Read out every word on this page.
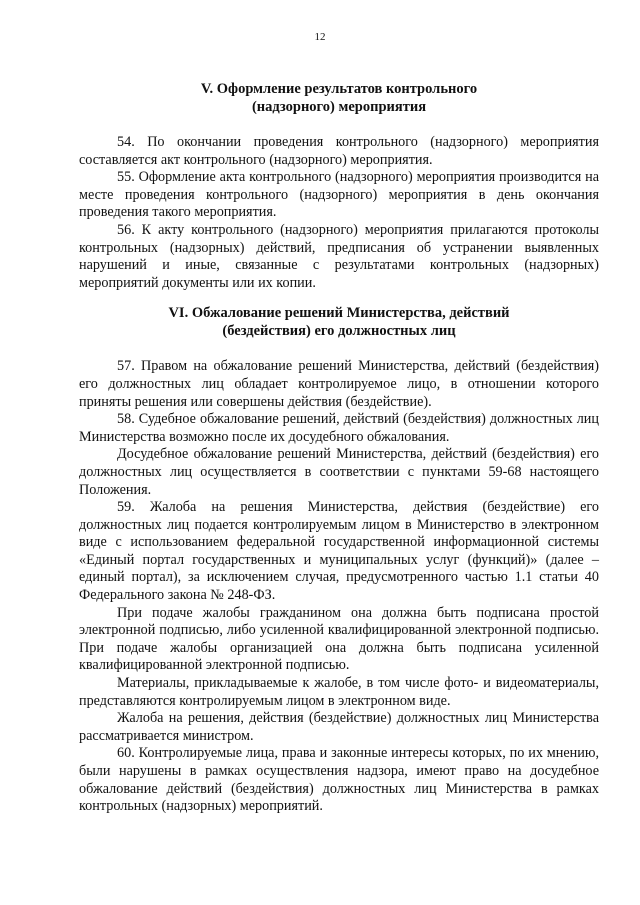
12
V. Оформление результатов контрольного
(надзорного) мероприятия

54. По окончании проведения контрольного (надзорного) мероприятия составляется акт контрольного (надзорного) мероприятия.

55. Оформление акта контрольного (надзорного) мероприятия производится на месте проведения контрольного (надзорного) мероприятия в день окончания проведения такого мероприятия.

56. К акту контрольного (надзорного) мероприятия прилагаются протоколы контрольных (надзорных) действий, предписания об устранении выявленных нарушений и иные, связанные с результатами контрольных (надзорных) мероприятий документы или их копии.

VI. Обжалование решений Министерства, действий
(бездействия) его должностных лиц

57. Правом на обжалование решений Министерства, действий (бездействия) его должностных лиц обладает контролируемое лицо, в отношении которого приняты решения или совершены действия (бездействие).

58. Судебное обжалование решений, действий (бездействия) должностных лиц Министерства возможно после их досудебного обжалования.

Досудебное обжалование решений Министерства, действий (бездействия) его должностных лиц осуществляется в соответствии с пунктами 59-68 настоящего Положения.

59. Жалоба на решения Министерства, действия (бездействие) его должностных лиц подается контролируемым лицом в Министерство в электронном виде с использованием федеральной государственной информационной системы «Единый портал государственных и муниципальных услуг (функций)» (далее – единый портал), за исключением случая, предусмотренного частью 1.1 статьи 40 Федерального закона № 248-ФЗ.

При подаче жалобы гражданином она должна быть подписана простой электронной подписью, либо усиленной квалифицированной электронной подписью. При подаче жалобы организацией она должна быть подписана усиленной квалифицированной электронной подписью.

Материалы, прикладываемые к жалобе, в том числе фото- и видеоматериалы, представляются контролируемым лицом в электронном виде.

Жалоба на решения, действия (бездействие) должностных лиц Министерства рассматривается министром.

60. Контролируемые лица, права и законные интересы которых, по их мнению, были нарушены в рамках осуществления надзора, имеют право на досудебное обжалование действий (бездействия) должностных лиц Министерства в рамках контрольных (надзорных) мероприятий.
